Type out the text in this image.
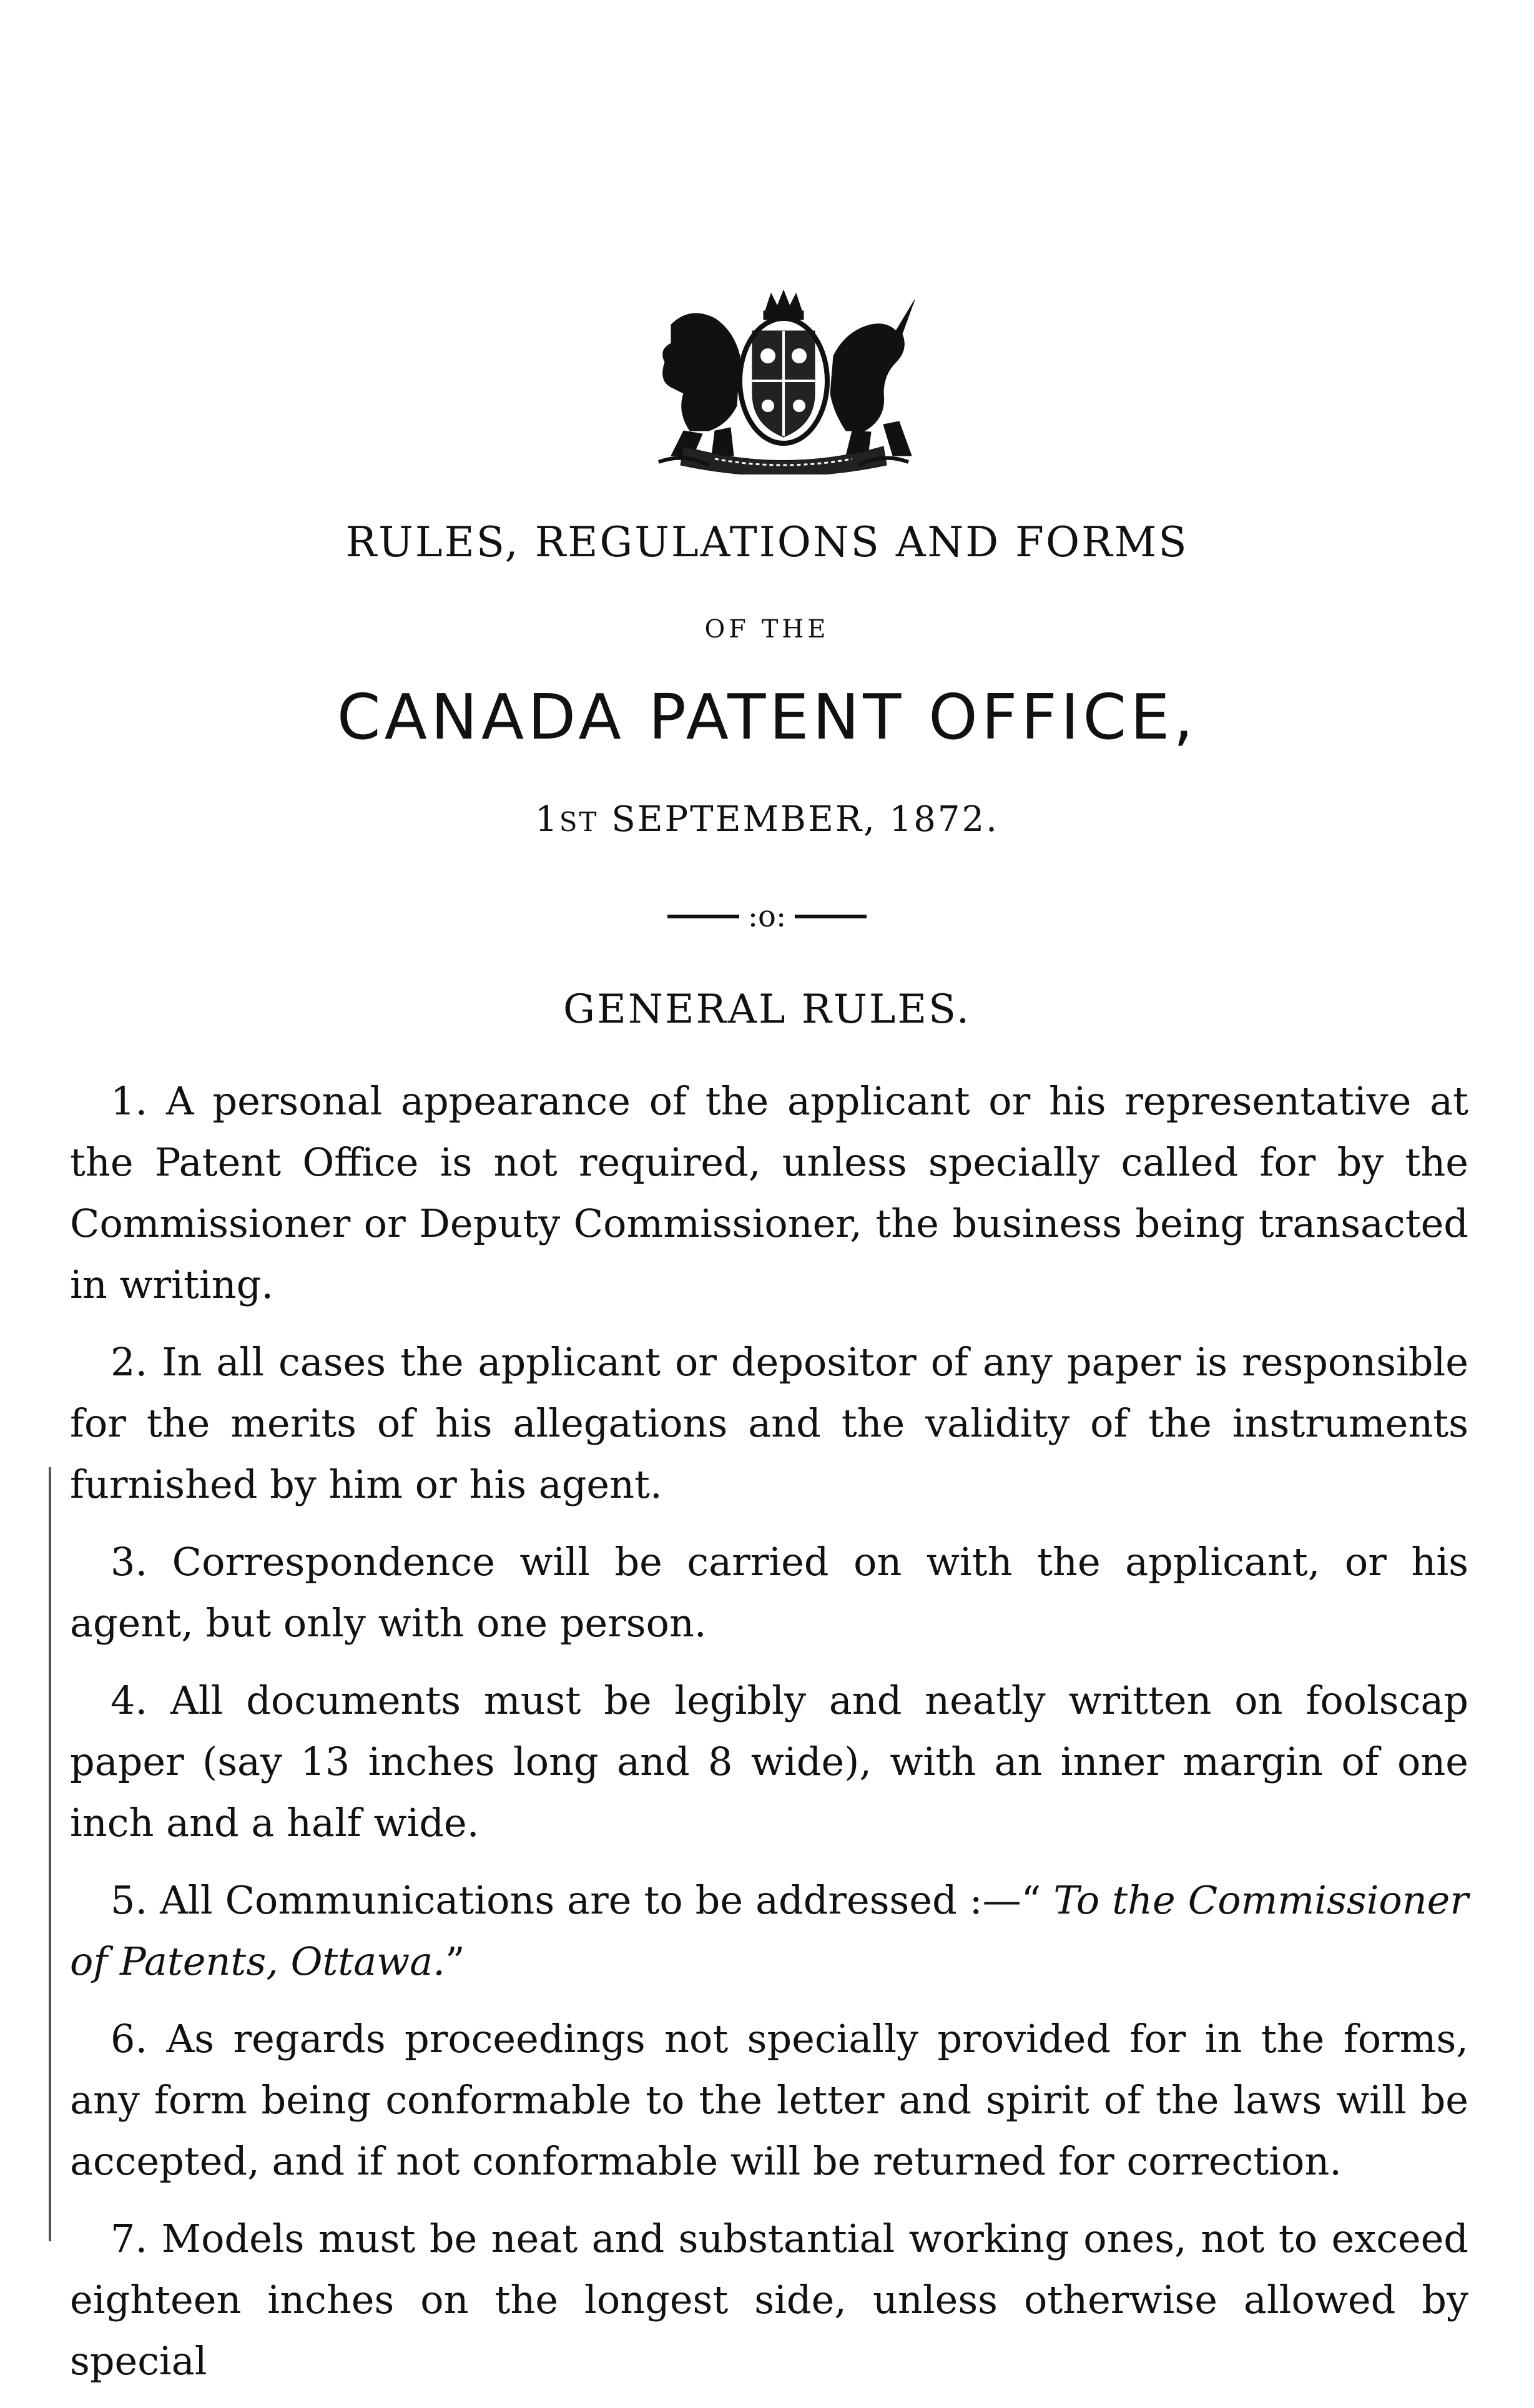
RULES, REGULATIONS AND FORMS
OF THE
CANADA PATENT OFFICE,
1ST SEPTEMBER, 1872.
:o:
GENERAL RULES.

1. A personal appearance of the applicant or his representative at the Patent Office is not required, unless specially called for by the Commissioner or Deputy Commissioner, the business being transacted in writing.

2. In all cases the applicant or depositor of any paper is responsible for the merits of his allegations and the validity of the instruments furnished by him or his agent.

3. Correspondence will be carried on with the applicant, or his agent, but only with one person.

4. All documents must be legibly and neatly written on foolscap paper (say 13 inches long and 8 wide), with an inner margin of one inch and a half wide.

5. All Communications are to be addressed :—“ To the Commissioner of Patents, Ottawa.”

6. As regards proceedings not specially provided for in the forms, any form being conformable to the letter and spirit of the laws will be accepted, and if not conformable will be returned for correction.

7. Models must be neat and substantial working ones, not to exceed eighteen inches on the longest side, unless otherwise allowed by special
